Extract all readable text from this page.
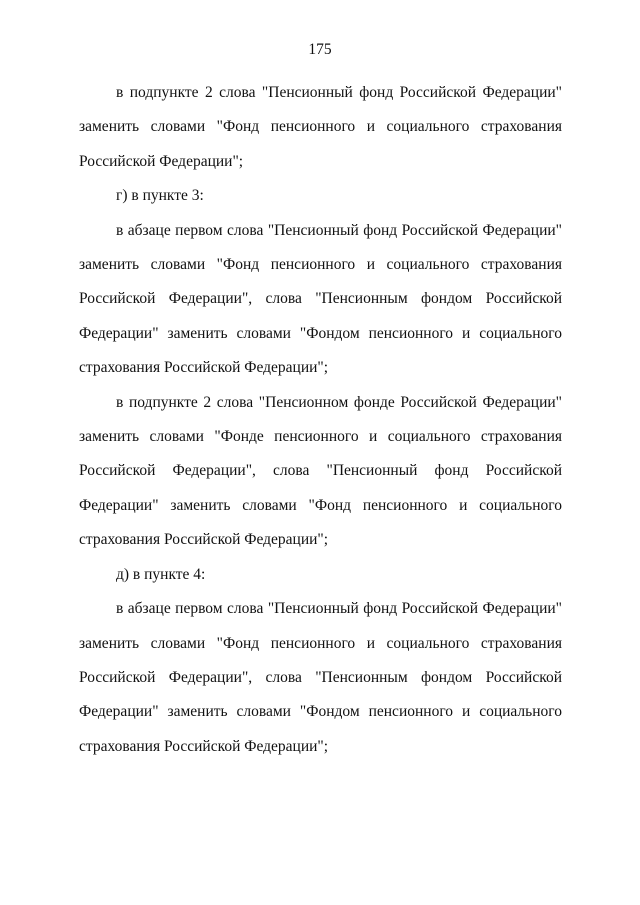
175
в подпункте 2 слова "Пенсионный фонд Российской Федерации"
заменить словами "Фонд пенсионного и социального страхования
Российской Федерации";
г) в пункте 3:
в абзаце первом слова "Пенсионный фонд Российской Федерации"
заменить словами "Фонд пенсионного и социального страхования
Российской Федерации", слова "Пенсионным фондом Российской
Федерации" заменить словами "Фондом пенсионного и социального
страхования Российской Федерации";
в подпункте 2 слова "Пенсионном фонде Российской Федерации"
заменить словами "Фонде пенсионного и социального страхования
Российской Федерации", слова "Пенсионный фонд Российской
Федерации" заменить словами "Фонд пенсионного и социального
страхования Российской Федерации";
д) в пункте 4:
в абзаце первом слова "Пенсионный фонд Российской Федерации"
заменить словами "Фонд пенсионного и социального страхования
Российской Федерации", слова "Пенсионным фондом Российской
Федерации" заменить словами "Фондом пенсионного и социального
страхования Российской Федерации";
